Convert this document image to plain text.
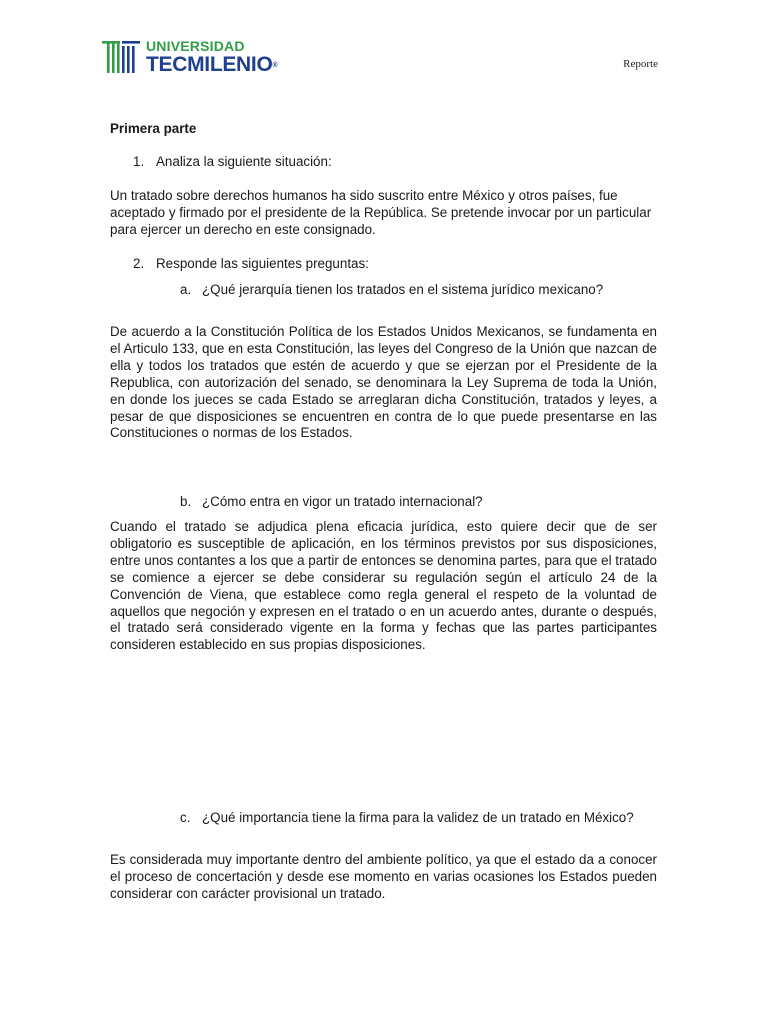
UNIVERSIDAD
TECMILENIO®	Reporte
Primera parte
1. Analiza la siguiente situación:
Un tratado sobre derechos humanos ha sido suscrito entre México y otros países, fue aceptado y firmado por el presidente de la República. Se pretende invocar por un particular para ejercer un derecho en este consignado.
2. Responde las siguientes preguntas:
a. ¿Qué jerarquía tienen los tratados en el sistema jurídico mexicano?
De acuerdo a la Constitución Política de los Estados Unidos Mexicanos, se fundamenta en el Articulo 133, que en esta Constitución, las leyes del Congreso de la Unión que nazcan de ella y todos los tratados que estén de acuerdo y que se ejerzan por el Presidente de la Republica, con autorización del senado, se denominara la Ley Suprema de toda la Unión, en donde los jueces se cada Estado se arreglaran dicha Constitución, tratados y leyes, a pesar de que disposiciones se encuentren en contra de lo que puede presentarse en las Constituciones o normas de los Estados.
b. ¿Cómo entra en vigor un tratado internacional?
Cuando el tratado se adjudica plena eficacia jurídica, esto quiere decir que de ser obligatorio es susceptible de aplicación, en los términos previstos por sus disposiciones, entre unos contantes a los que a partir de entonces se denomina partes, para que el tratado se comience a ejercer se debe considerar su regulación según el artículo 24 de la Convención de Viena, que establece como regla general el respeto de la voluntad de aquellos que negoción y expresen en el tratado o en un acuerdo antes, durante o después, el tratado será considerado vigente en la forma y fechas que las partes participantes consideren establecido en sus propias disposiciones.
c. ¿Qué importancia tiene la firma para la validez de un tratado en México?
Es considerada muy importante dentro del ambiente político, ya que el estado da a conocer el proceso de concertación y desde ese momento en varias ocasiones los Estados pueden considerar con carácter provisional un tratado.
